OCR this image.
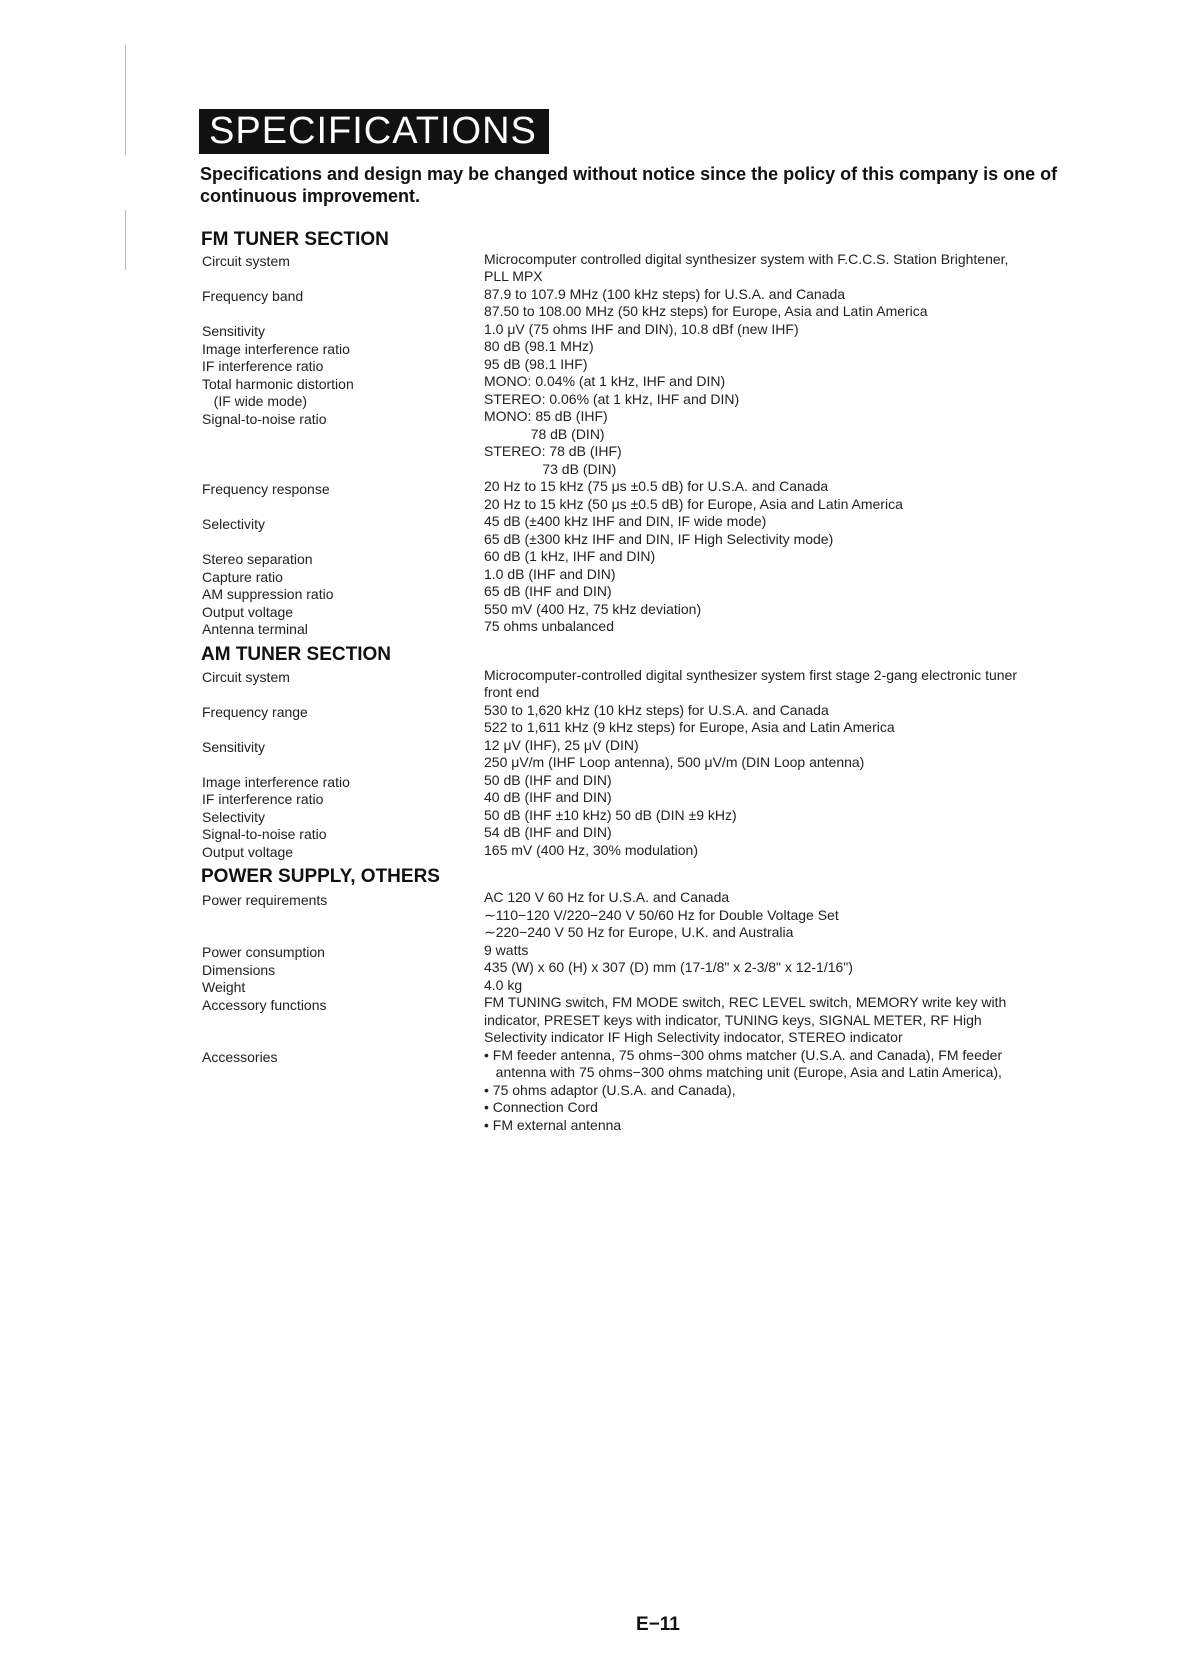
SPECIFICATIONS
Specifications and design may be changed without notice since the policy of this company is one of continuous improvement.
FM TUNER SECTION
Circuit system
Frequency band
Sensitivity
Image interference ratio
IF interference ratio
Total harmonic distortion
(IF wide mode)
Signal-to-noise ratio
Frequency response
Selectivity
Stereo separation
Capture ratio
AM suppression ratio
Output voltage
Antenna terminal
Microcomputer controlled digital synthesizer system with F.C.C.S. Station Brightener,
PLL MPX
87.9 to 107.9 MHz (100 kHz steps) for U.S.A. and Canada
87.50 to 108.00 MHz (50 kHz steps) for Europe, Asia and Latin America
1.0 μV (75 ohms IHF and DIN), 10.8 dBf (new IHF)
80 dB (98.1 MHz)
95 dB (98.1 IHF)
MONO: 0.04% (at 1 kHz, IHF and DIN)
STEREO: 0.06% (at 1 kHz, IHF and DIN)
MONO: 85 dB (IHF)
78 dB (DIN)
STEREO: 78 dB (IHF)
73 dB (DIN)
20 Hz to 15 kHz (75 μs ±0.5 dB) for U.S.A. and Canada
20 Hz to 15 kHz (50 μs ±0.5 dB) for Europe, Asia and Latin America
45 dB (±400 kHz IHF and DIN, IF wide mode)
65 dB (±300 kHz IHF and DIN, IF High Selectivity mode)
60 dB (1 kHz, IHF and DIN)
1.0 dB (IHF and DIN)
65 dB (IHF and DIN)
550 mV (400 Hz, 75 kHz deviation)
75 ohms unbalanced
AM TUNER SECTION
Circuit system
Frequency range
Sensitivity
Image interference ratio
IF interference ratio
Selectivity
Signal-to-noise ratio
Output voltage
Microcomputer-controlled digital synthesizer system first stage 2-gang electronic tuner
front end
530 to 1,620 kHz (10 kHz steps) for U.S.A. and Canada
522 to 1,611 kHz (9 kHz steps) for Europe, Asia and Latin America
12 μV (IHF), 25 μV (DIN)
250 μV/m (IHF Loop antenna), 500 μV/m (DIN Loop antenna)
50 dB (IHF and DIN)
40 dB (IHF and DIN)
50 dB (IHF ±10 kHz) 50 dB (DIN ±9 kHz)
54 dB (IHF and DIN)
165 mV (400 Hz, 30% modulation)
POWER SUPPLY, OTHERS
Power requirements
Power consumption
Dimensions
Weight
Accessory functions
Accessories
AC 120 V 60 Hz for U.S.A. and Canada
∼110−120 V/220−240 V 50/60 Hz for Double Voltage Set
∼220−240 V 50 Hz for Europe, U.K. and Australia
9 watts
435 (W) x 60 (H) x 307 (D) mm (17-1/8" x 2-3/8" x 12-1/16")
4.0 kg
FM TUNING switch, FM MODE switch, REC LEVEL switch, MEMORY write key with
indicator, PRESET keys with indicator, TUNING keys, SIGNAL METER, RF High
Selectivity indicator IF High Selectivity indocator, STEREO indicator
• FM feeder antenna, 75 ohms−300 ohms matcher (U.S.A. and Canada), FM feeder
antenna with 75 ohms−300 ohms matching unit (Europe, Asia and Latin America),
• 75 ohms adaptor (U.S.A. and Canada),
• Connection Cord
• FM external antenna
E−11
